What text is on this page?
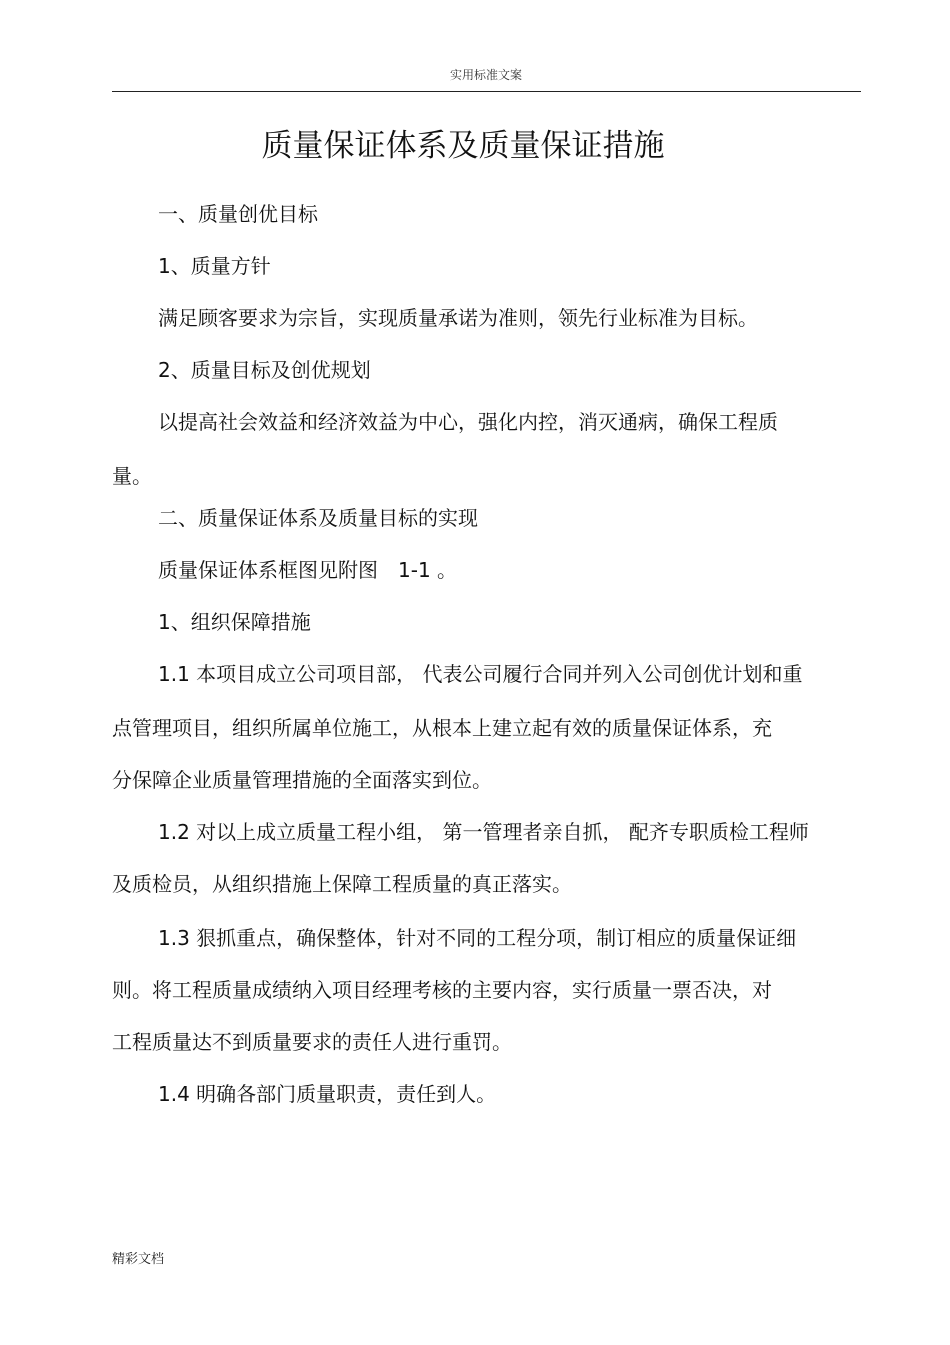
实用标准文案
质量保证体系及质量保证措施
一、质量创优目标
1、质量方针
满足顾客要求为宗旨，实现质量承诺为准则，领先行业标准为目标。
2、质量目标及创优规划
以提高社会效益和经济效益为中心，强化内控，消灭通病，确保工程质
量。
二、质量保证体系及质量目标的实现
质量保证体系框图见附图　1-1 。
1、组织保障措施
1.1 本项目成立公司项目部， 代表公司履行合同并列入公司创优计划和重
点管理项目，组织所属单位施工，从根本上建立起有效的质量保证体系，充
分保障企业质量管理措施的全面落实到位。
1.2 对以上成立质量工程小组， 第一管理者亲自抓， 配齐专职质检工程师
及质检员，从组织措施上保障工程质量的真正落实。
1.3 狠抓重点，确保整体，针对不同的工程分项，制订相应的质量保证细
则。将工程质量成绩纳入项目经理考核的主要内容，实行质量一票否决，对
工程质量达不到质量要求的责任人进行重罚。
1.4 明确各部门质量职责，责任到人。
精彩文档
